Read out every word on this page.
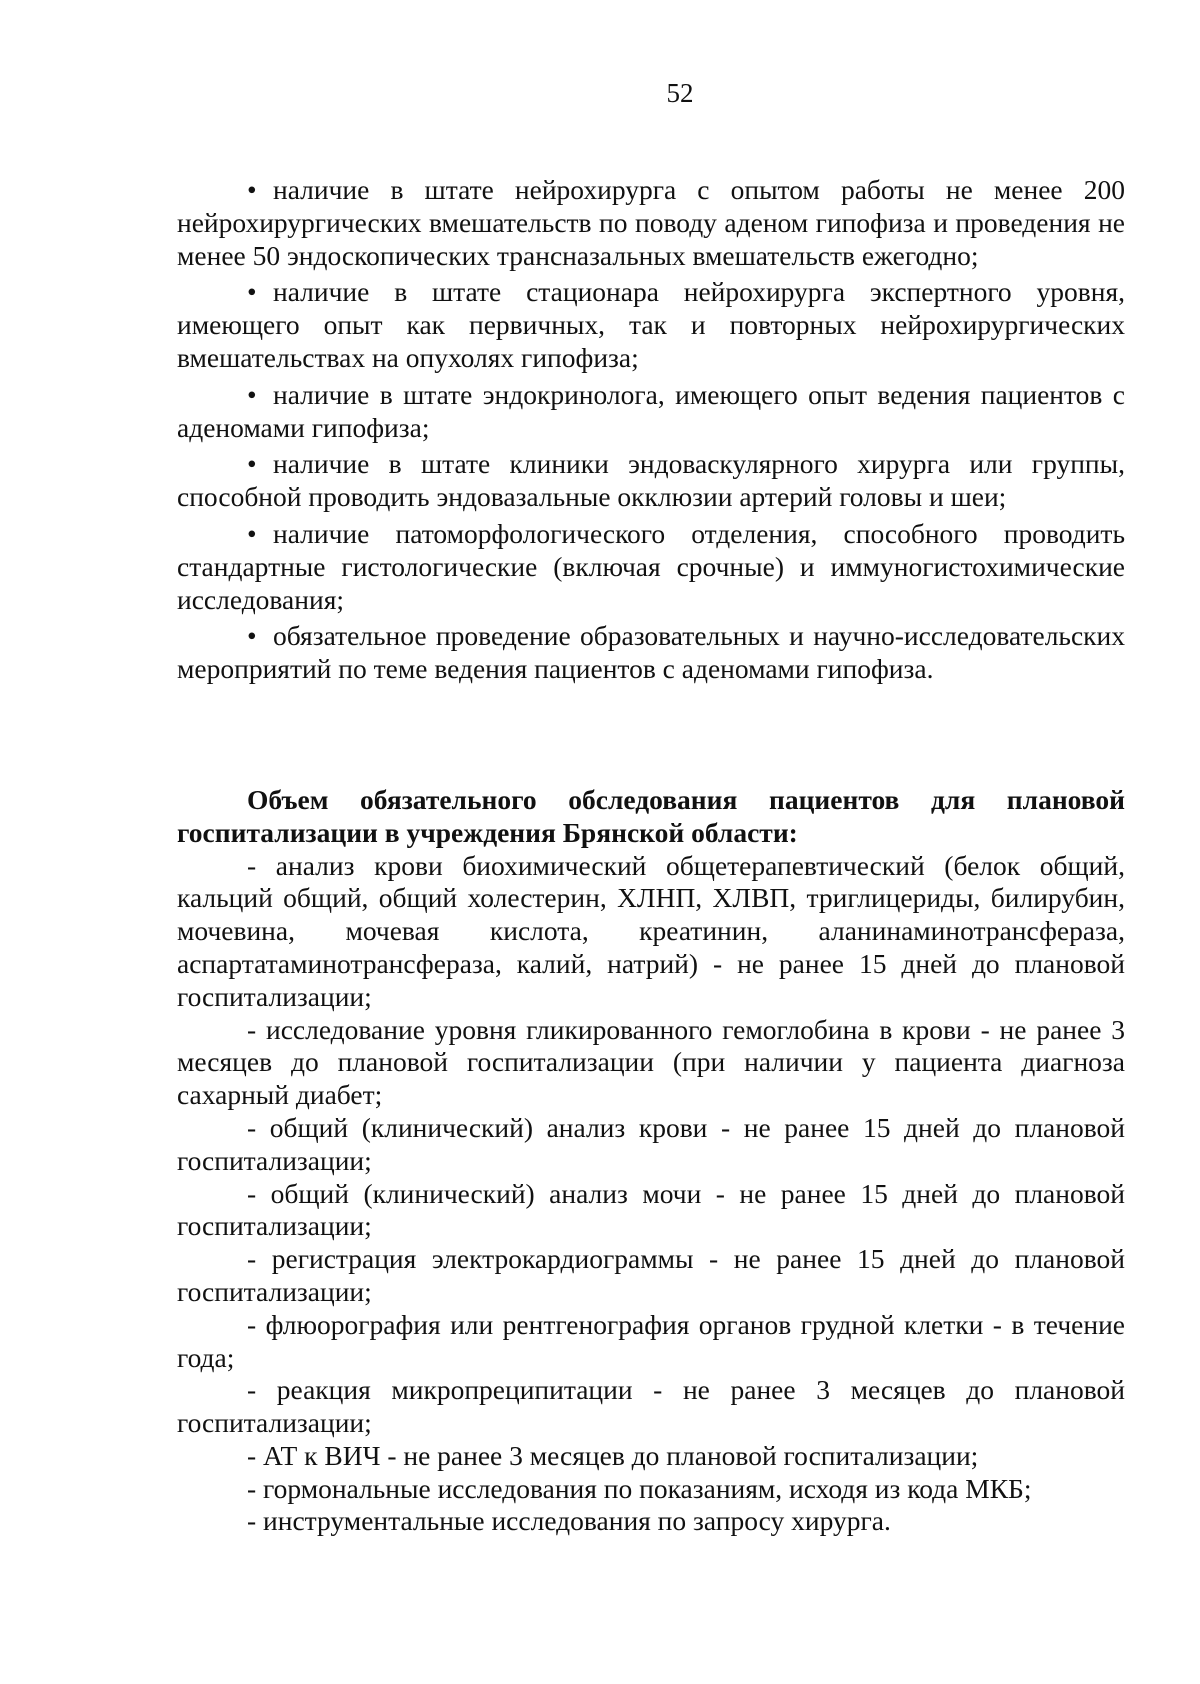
52

• наличие в штате нейрохирурга с опытом работы не менее 200 нейрохирургических вмешательств по поводу аденом гипофиза и проведения не менее 50 эндоскопических трансназальных вмешательств ежегодно;

• наличие в штате стационара нейрохирурга экспертного уровня, имеющего опыт как первичных, так и повторных нейрохирургических вмешательствах на опухолях гипофиза;

• наличие в штате эндокринолога, имеющего опыт ведения пациентов с аденомами гипофиза;

• наличие в штате клиники эндоваскулярного хирурга или группы, способной проводить эндовазальные окклюзии артерий головы и шеи;

• наличие патоморфологического отделения, способного проводить стандартные гистологические (включая срочные) и иммуногистохимические исследования;

• обязательное проведение образовательных и научно-исследовательских мероприятий по теме ведения пациентов с аденомами гипофиза.

Объем обязательного обследования пациентов для плановой госпитализации в учреждения Брянской области:

- анализ крови биохимический общетерапевтический (белок общий, кальций общий, общий холестерин, ХЛНП, ХЛВП, триглицериды, билирубин, мочевина, мочевая кислота, креатинин, аланинаминотрансфераза, аспартатаминотрансфераза, калий, натрий) - не ранее 15 дней до плановой госпитализации;

- исследование уровня гликированного гемоглобина в крови - не ранее 3 месяцев до плановой госпитализации (при наличии у пациента диагноза сахарный диабет;

- общий (клинический) анализ крови - не ранее 15 дней до плановой госпитализации;

- общий (клинический) анализ мочи - не ранее 15 дней до плановой госпитализации;

- регистрация электрокардиограммы - не ранее 15 дней до плановой госпитализации;

- флюорография или рентгенография органов грудной клетки - в течение года;

- реакция микропреципитации - не ранее 3 месяцев до плановой госпитализации;

- АТ к ВИЧ - не ранее 3 месяцев до плановой госпитализации;

- гормональные исследования по показаниям, исходя из кода МКБ;

- инструментальные исследования по запросу хирурга.
